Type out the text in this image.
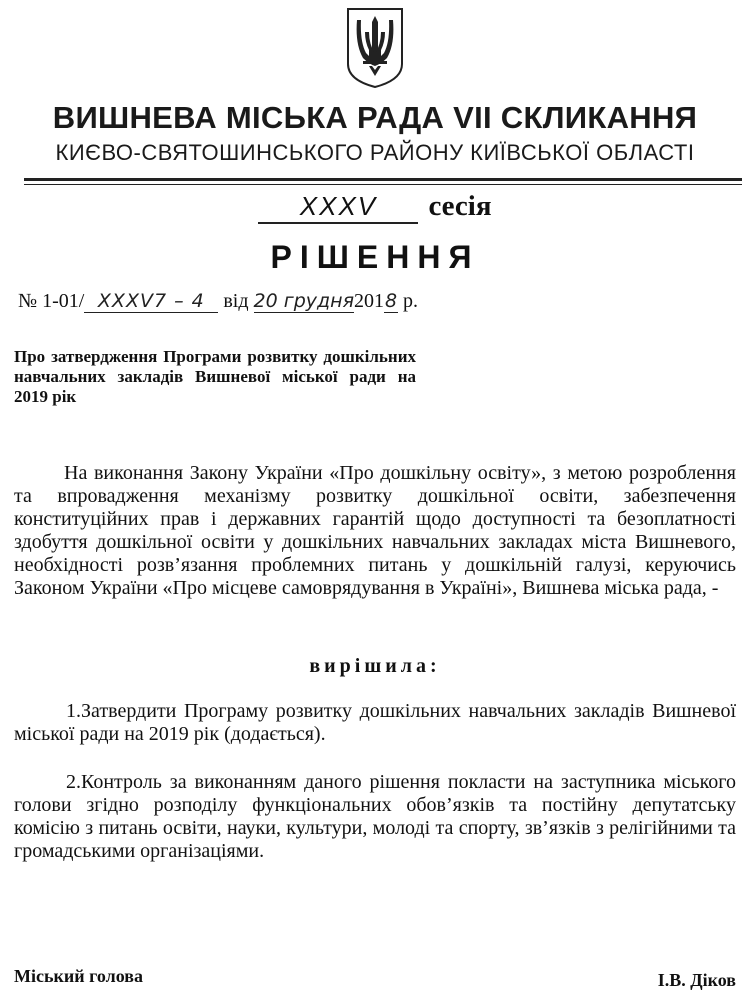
ВИШНЕВА МІСЬКА РАДА VII СКЛИКАННЯ
КИЄВО-СВЯТОШИНСЬКОГО РАЙОНУ КИЇВСЬКОЇ ОБЛАСТІ
XXXV сесія
РІШЕННЯ
№ 1-01/ XXXV7 – 4 від 20 грудня2018 р.
Про затвердження Програми розвитку дошкільних навчальних закладів Вишневої міської ради на 2019 рік
На виконання Закону України «Про дошкільну освіту», з метою розроблення та впровадження механізму розвитку дошкільної освіти, забезпечення конституційних прав і державних гарантій щодо доступності та безоплатності здобуття дошкільної освіти у дошкільних навчальних закладах міста Вишневого, необхідності розв’язання проблемних питань у дошкільній галузі, керуючись Законом України «Про місцеве самоврядування в Україні», Вишнева міська рада, -
вирішила:
1.Затвердити Програму розвитку дошкільних навчальних закладів Вишневої міської ради на 2019 рік (додається).
2.Контроль за виконанням даного рішення покласти на заступника міського голови згідно розподілу функціональних обов’язків та постійну депутатську комісію з питань освіти, науки, культури, молоді та спорту, зв’язків з релігійними та громадськими організаціями.
Міський голова	І.В. Діков
